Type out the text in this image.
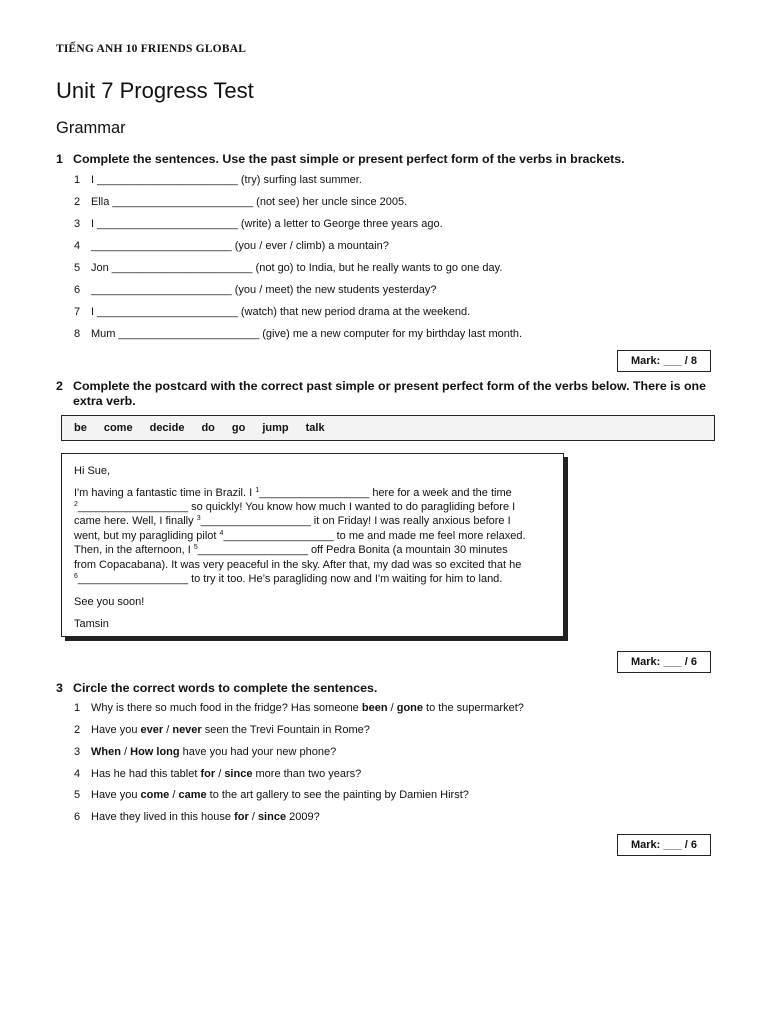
TIẾNG ANH 10 FRIENDS GLOBAL
Unit 7 Progress Test
Grammar
1 Complete the sentences. Use the past simple or present perfect form of the verbs in brackets.
1 I _______________________ (try) surfing last summer.
2 Ella _______________________ (not see) her uncle since 2005.
3 I _______________________ (write) a letter to George three years ago.
4 _______________________ (you / ever / climb) a mountain?
5 Jon _______________________ (not go) to India, but he really wants to go one day.
6 _______________________ (you / meet) the new students yesterday?
7 I _______________________ (watch) that new period drama at the weekend.
8 Mum _______________________ (give) me a new computer for my birthday last month.
Mark: ___ / 8
2 Complete the postcard with the correct past simple or present perfect form of the verbs below. There is one extra verb.
be come decide do go jump talk
Hi Sue,
I'm having a fantastic time in Brazil. I $^1$__________________ here for a week and the time
$^2$__________________ so quickly! You know how much I wanted to do paragliding before I
came here. Well, I finally $^3$__________________ it on Friday! I was really anxious before I
went, but my paragliding pilot $^4$__________________ to me and made me feel more relaxed.
Then, in the afternoon, I $^5$__________________ off Pedra Bonita (a mountain 30 minutes
from Copacabana). It was very peaceful in the sky. After that, my dad was so excited that he
$^6$__________________ to try it too. He’s paragliding now and I'm waiting for him to land.
See you soon!
Tamsin
Mark: ___ / 6
3 Circle the correct words to complete the sentences.
1 Why is there so much food in the fridge? Has someone been / gone to the supermarket?
2 Have you ever / never seen the Trevi Fountain in Rome?
3 When / How long have you had your new phone?
4 Has he had this tablet for / since more than two years?
5 Have you come / came to the art gallery to see the painting by Damien Hirst?
6 Have they lived in this house for / since 2009?
Mark: ___ / 6
